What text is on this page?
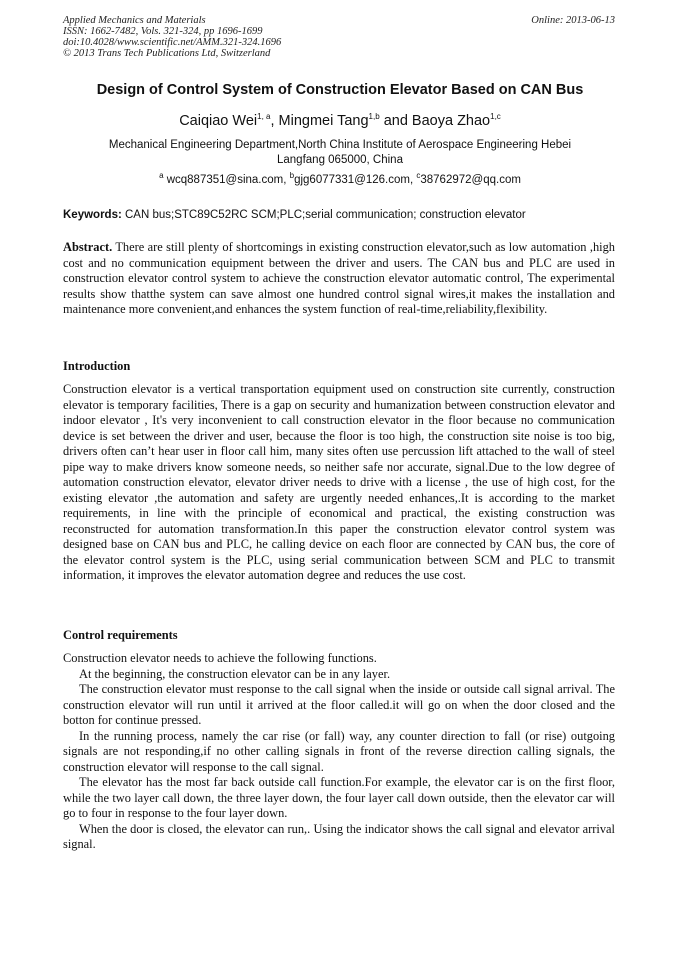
Applied Mechanics and Materials
ISSN: 1662-7482, Vols. 321-324, pp 1696-1699
doi:10.4028/www.scientific.net/AMM.321-324.1696
© 2013 Trans Tech Publications Ltd, Switzerland
Online: 2013-06-13
Design of Control System of Construction Elevator Based on CAN Bus
Caiqiao Wei$^{1, a}$, Mingmei Tang$^{1,b}$ and Baoya Zhao$^{1,c}$
Mechanical Engineering Department,North China Institute of Aerospace Engineering Hebei
Langfang 065000, China
$^a$ wcq887351@sina.com, $^b$gjg6077331@126.com, $^c$38762972@qq.com
Keywords: CAN bus;STC89C52RC SCM;PLC;serial communication; construction elevator
Abstract. There are still plenty of shortcomings in existing construction elevator,such as low automation ,high cost and no communication equipment between the driver and users. The CAN bus and PLC are used in construction elevator control system to achieve the construction elevator automatic control, The experimental results show thatthe system can save almost one hundred control signal wires,it makes the installation and maintenance more convenient,and enhances the system function of real-time,reliability,flexibility.
Introduction
Construction elevator is a vertical transportation equipment used on construction site currently, construction elevator is temporary facilities, There is a gap on security and humanization between construction elevator and indoor elevator , It's very inconvenient to call construction elevator in the floor because no communication device is set between the driver and user, because the floor is too high, the construction site noise is too big, drivers often can’t hear user in floor call him, many sites often use percussion lift attached to the wall of steel pipe way to make drivers know someone needs, so neither safe nor accurate, signal.Due to the low degree of automation construction elevator, elevator driver needs to drive with a license , the use of high cost, for the existing elevator ,the automation and safety are urgently needed enhances,.It is according to the market requirements, in line with the principle of economical and practical, the existing construction was reconstructed for automation transformation.In this paper the construction elevator control system was designed base on CAN bus and PLC, he calling device on each floor are connected by CAN bus, the core of the elevator control system is the PLC, using serial communication between SCM and PLC to transmit information, it improves the elevator automation degree and reduces the use cost.
Control requirements

Construction elevator needs to achieve the following functions.

At the beginning, the construction elevator can be in any layer.

The construction elevator must response to the call signal when the inside or outside call signal arrival. The construction elevator will run until it arrived at the floor called.it will go on when the door closed and the botton for continue pressed.

In the running process, namely the car rise (or fall) way, any counter direction to fall (or rise) outgoing signals are not responding,if no other calling signals in front of the reverse direction calling signals, the construction elevator will response to the call signal.

The elevator has the most far back outside call function.For example, the elevator car is on the first floor, while the two layer call down, the three layer down, the four layer call down outside, then the elevator car will go to four in response to the four layer down.

When the door is closed, the elevator can run,. Using the indicator shows the call signal and elevator arrival signal.
